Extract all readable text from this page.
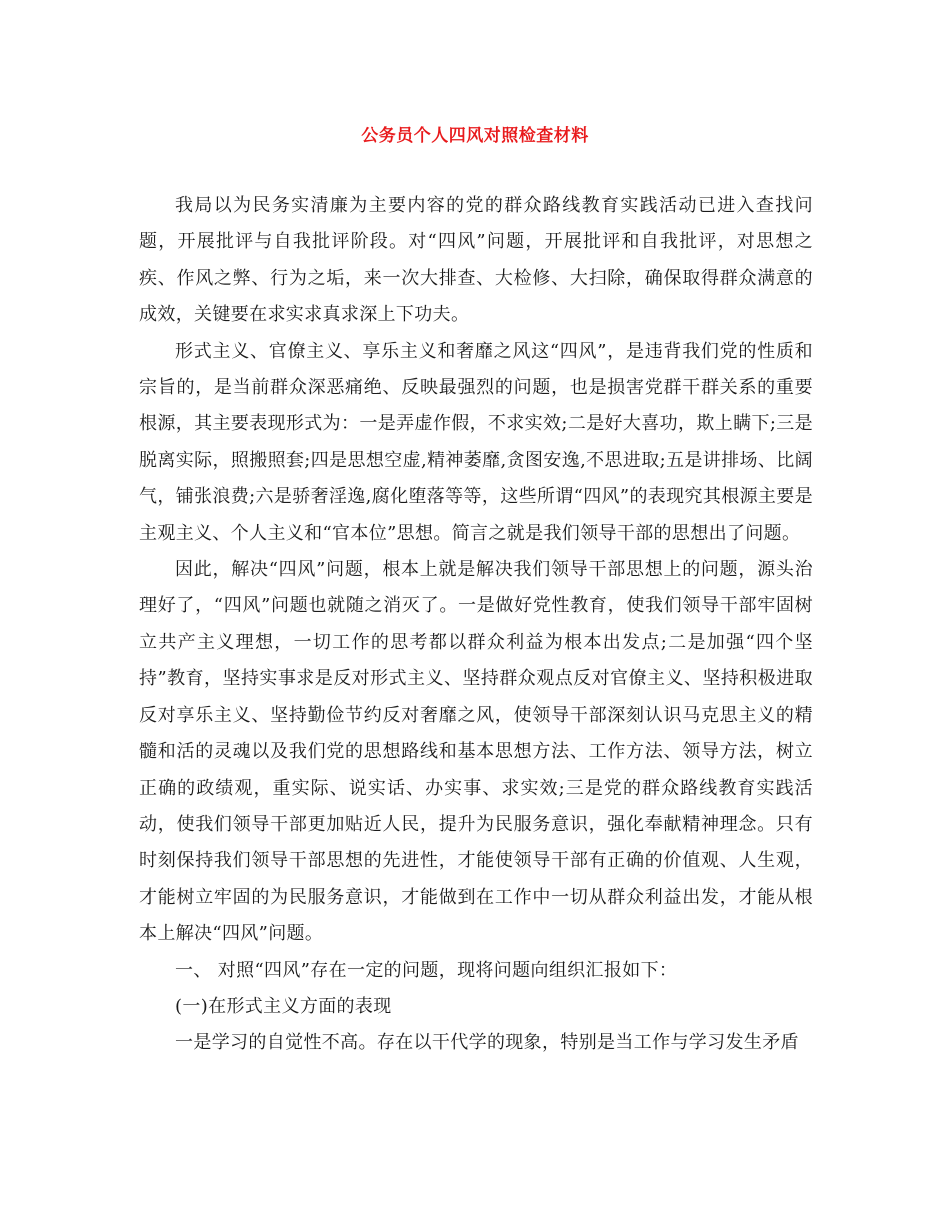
公务员个人四风对照检查材料

我局以为民务实清廉为主要内容的党的群众路线教育实践活动已进入查找问题，开展批评与自我批评阶段。对“四风”问题，开展批评和自我批评，对思想之疾、作风之弊、行为之垢，来一次大排查、大检修、大扫除，确保取得群众满意的成效，关键要在求实求真求深上下功夫。

形式主义、官僚主义、享乐主义和奢靡之风这“四风”，是违背我们党的性质和宗旨的，是当前群众深恶痛绝、反映最强烈的问题，也是损害党群干群关系的重要根源，其主要表现形式为：一是弄虚作假，不求实效;二是好大喜功，欺上瞒下;三是脱离实际，照搬照套;四是思想空虚,精神萎靡,贪图安逸,不思进取;五是讲排场、比阔气，铺张浪费;六是骄奢淫逸,腐化堕落等等，这些所谓“四风”的表现究其根源主要是主观主义、个人主义和“官本位”思想。简言之就是我们领导干部的思想出了问题。

因此，解决“四风”问题，根本上就是解决我们领导干部思想上的问题，源头治理好了，“四风”问题也就随之消灭了。一是做好党性教育，使我们领导干部牢固树立共产主义理想，一切工作的思考都以群众利益为根本出发点;二是加强“四个坚持”教育，坚持实事求是反对形式主义、坚持群众观点反对官僚主义、坚持积极进取反对享乐主义、坚持勤俭节约反对奢靡之风，使领导干部深刻认识马克思主义的精髓和活的灵魂以及我们党的思想路线和基本思想方法、工作方法、领导方法，树立正确的政绩观，重实际、说实话、办实事、求实效;三是党的群众路线教育实践活动，使我们领导干部更加贴近人民，提升为民服务意识，强化奉献精神理念。只有时刻保持我们领导干部思想的先进性，才能使领导干部有正确的价值观、人生观，才能树立牢固的为民服务意识，才能做到在工作中一切从群众利益出发，才能从根本上解决“四风”问题。

一、 对照“四风”存在一定的问题，现将问题向组织汇报如下：

(一)在形式主义方面的表现

一是学习的自觉性不高。存在以干代学的现象，特别是当工作与学习发生矛盾
